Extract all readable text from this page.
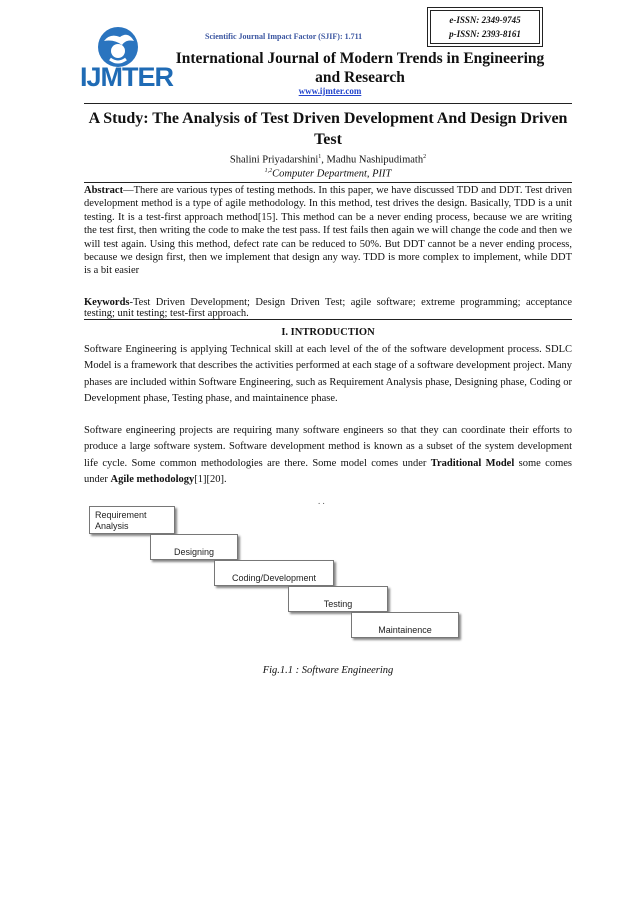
IJMTER
Scientific Journal Impact Factor (SJIF): 1.711
e-ISSN: 2349-9745
p-ISSN: 2393-8161
International Journal of Modern Trends in Engineering
and Research
www.ijmter.com
A Study: The Analysis of Test Driven Development And Design Driven
Test
Shalini Priyadarshini$^1$, Madhu Nashipudimath$^2$
$^{1,2}$Computer Department, PIIT
Abstract—There are various types of testing methods. In this paper, we have discussed TDD and DDT. Test driven development method is a type of agile methodology. In this method, test drives the design. Basically, TDD is a unit testing. It is a test-first approach method[15]. This method can be a never ending process, because we are writing the test first, then writing the code to make the test pass. If test fails then again we will change the code and then we will test again. Using this method, defect rate can be reduced to 50%. But DDT cannot be a never ending process, because we design first, then we implement that design any way. TDD is more complex to implement, while DDT is a bit easier
Keywords-Test Driven Development; Design Driven Test; agile software; extreme programming; acceptance testing; unit testing; test-first approach.
I. INTRODUCTION
Software Engineering is applying Technical skill at each level of the of the software development process. SDLC Model is a framework that describes the activities performed at each stage of a software development project. Many phases are included within Software Engineering, such as Requirement Analysis phase, Designing phase, Coding or Development phase, Testing phase, and maintainence phase.
Software engineering projects are requiring many software engineers so that they can coordinate their efforts to produce a large software system. Software development method is known as a subset of the system development life cycle. Some common methodologies are there. Some model comes under Traditional Model some comes under Agile methodology[1][20].
. .
Requirement
Analysis
Designing
Coding/Development
Testing
Maintainence
Fig.1.1 : Software Engineering
